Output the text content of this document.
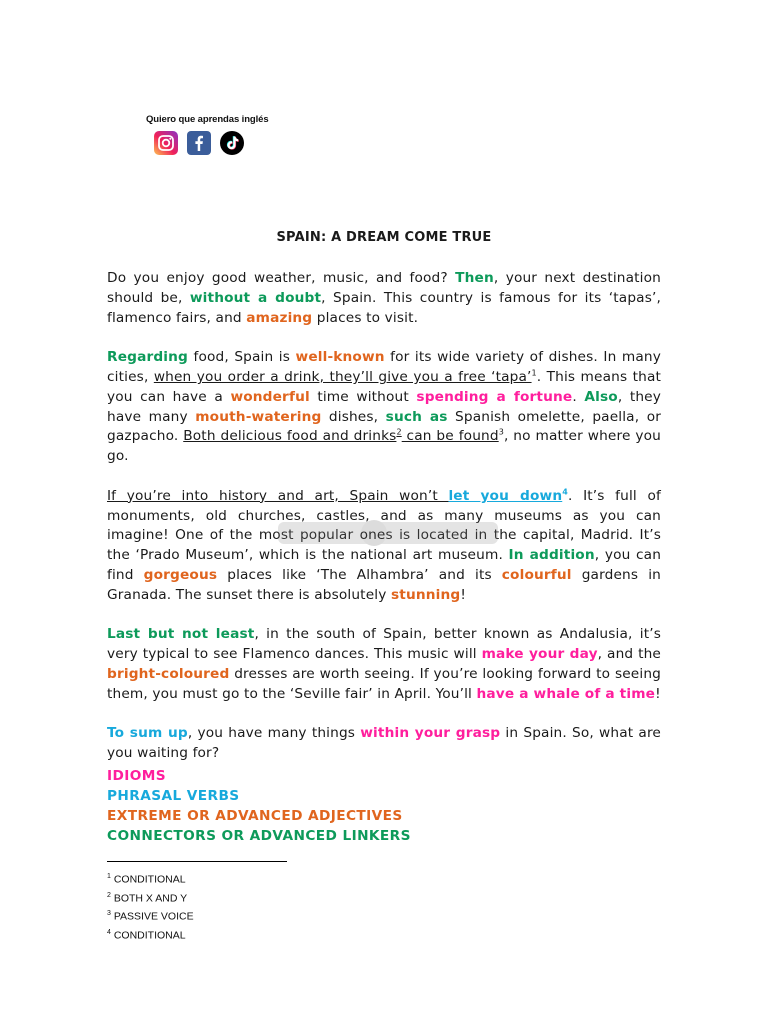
Quiero que aprendas inglés
SPAIN: A DREAM COME TRUE

Do you enjoy good weather, music, and food? Then, your next destination should be, without a doubt, Spain. This country is famous for its ‘tapas’, flamenco fairs, and amazing places to visit.

Regarding food, Spain is well-known for its wide variety of dishes. In many cities, when you order a drink, they’ll give you a free ‘tapa’$^1$. This means that you can have a wonderful time without spending a fortune. Also, they have many mouth-watering dishes, such as Spanish omelette, paella, or gazpacho. Both delicious food and drinks$^2$ can be found$^3$, no matter where you go.

If you’re into history and art, Spain won’t let you down$^4$. It’s full of monuments, old churches, castles, and as many museums as you can imagine! One of the most popular ones is located in the capital, Madrid. It’s the ‘Prado Museum’, which is the national art museum. In addition, you can find gorgeous places like ‘The Alhambra’ and its colourful gardens in Granada. The sunset there is absolutely stunning!

Last but not least, in the south of Spain, better known as Andalusia, it’s very typical to see Flamenco dances. This music will make your day, and the bright-coloured dresses are worth seeing. If you’re looking forward to seeing them, you must go to the ‘Seville fair’ in April. You’ll have a whale of a time!

To sum up, you have many things within your grasp in Spain. So, what are you waiting for?

IDIOMS
PHRASAL VERBS
EXTREME OR ADVANCED ADJECTIVES
CONNECTORS OR ADVANCED LINKERS
$^1$ CONDITIONAL
$^2$ BOTH X AND Y
$^3$ PASSIVE VOICE
$^4$ CONDITIONAL
